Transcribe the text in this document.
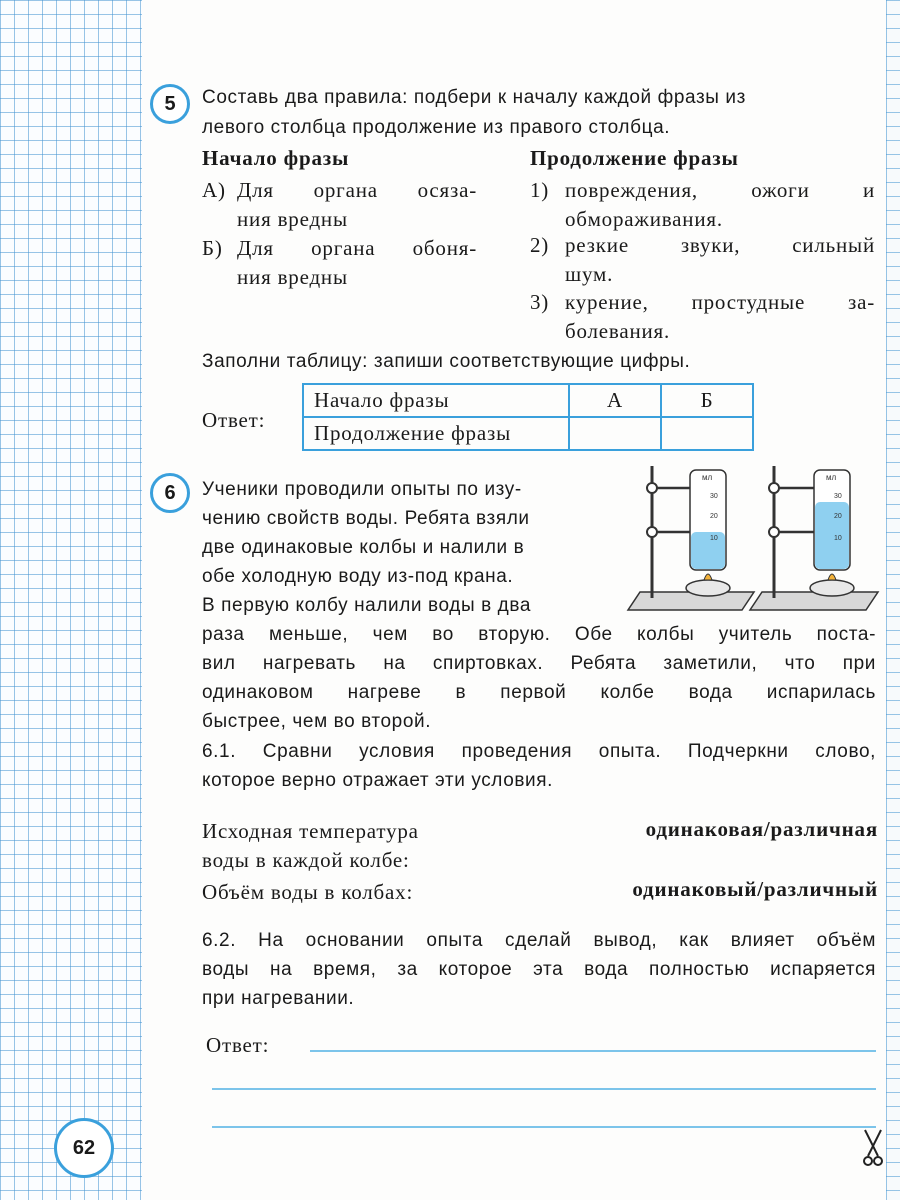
5	Составь два правила: подбери к началу каждой фразы из
левого столбца продолжение из правого столбца.
Начало фразы	Продолжение фразы
А) Для органа осяза-
ния вредны
Б) Для органа обоня-
ния вредны
1) повреждения, ожоги и
обмораживания.
2) резкие звуки, сильный
шум.
3) курение, простудные за-
болевания.
Заполни таблицу: запиши соответствующие цифры.
Ответ:
Начало фразы	А	Б
Продолжение фразы		
6	Ученики проводили опыты по изу-
чению свойств воды. Ребята взяли
две одинаковые колбы и налили в
обе холодную воду из-под крана.
В первую колбу налили воды в два
раза меньше, чем во вторую. Обе колбы учитель поста-
вил нагревать на спиртовках. Ребята заметили, что при
одинаковом нагреве в первой колбе вода испарилась
быстрее, чем во второй.
мл
30
20
10
мл
30
20
10
6.1. Сравни условия проведения опыта. Подчеркни слово,
которое верно отражает эти условия.
Исходная температура
воды в каждой колбе:
одинаковая/различная
Объём воды в колбах:	одинаковый/различный
6.2. На основании опыта сделай вывод, как влияет объём
воды на время, за которое эта вода полностью испаряется
при нагревании.
Ответ:
62
